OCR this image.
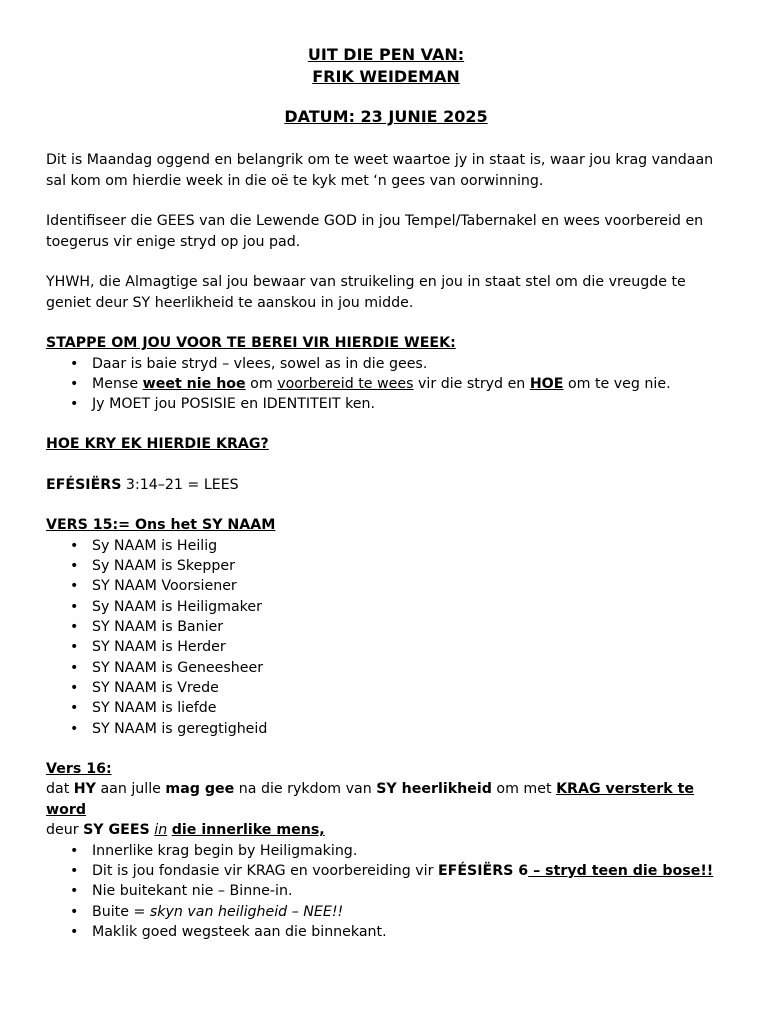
UIT DIE PEN VAN:
FRIK WEIDEMAN
DATUM: 23 JUNIE 2025

Dit is Maandag oggend en belangrik om te weet waartoe jy in staat is, waar jou krag vandaan sal kom om hierdie week in die oë te kyk met ‘n gees van oorwinning.

Identifiseer die GEES van die Lewende GOD in jou Tempel/Tabernakel en wees voorbereid en toegerus vir enige stryd op jou pad.

YHWH, die Almagtige sal jou bewaar van struikeling en jou in staat stel om die vreugde te geniet deur SY heerlikheid te aanskou in jou midde.

STAPPE OM JOU VOOR TE BEREI VIR HIERDIE WEEK:
• Daar is baie stryd – vlees, sowel as in die gees.
• Mense weet nie hoe om voorbereid te wees vir die stryd en HOE om te veg nie.
• Jy MOET jou POSISIE en IDENTITEIT ken.
HOE KRY EK HIERDIE KRAG?

EFÉSIËRS 3:14–21 = LEES

VERS 15:= Ons het SY NAAM
• Sy NAAM is Heilig
• Sy NAAM is Skepper
• SY NAAM Voorsiener
• Sy NAAM is Heiligmaker
• SY NAAM is Banier
• SY NAAM is Herder
• SY NAAM is Geneesheer
• SY NAAM is Vrede
• SY NAAM is liefde
• SY NAAM is geregtigheid
Vers 16:

dat HY aan julle mag gee na die rykdom van SY heerlikheid om met KRAG versterk te word
deur SY GEES in die innerlike mens,

• Innerlike krag begin by Heiligmaking.
• Dit is jou fondasie vir KRAG en voorbereiding vir EFÉSIËRS 6 – stryd teen die bose!!
• Nie buitekant nie – Binne-in.
• Buite = skyn van heiligheid – NEE!!
• Maklik goed wegsteek aan die binnekant.
